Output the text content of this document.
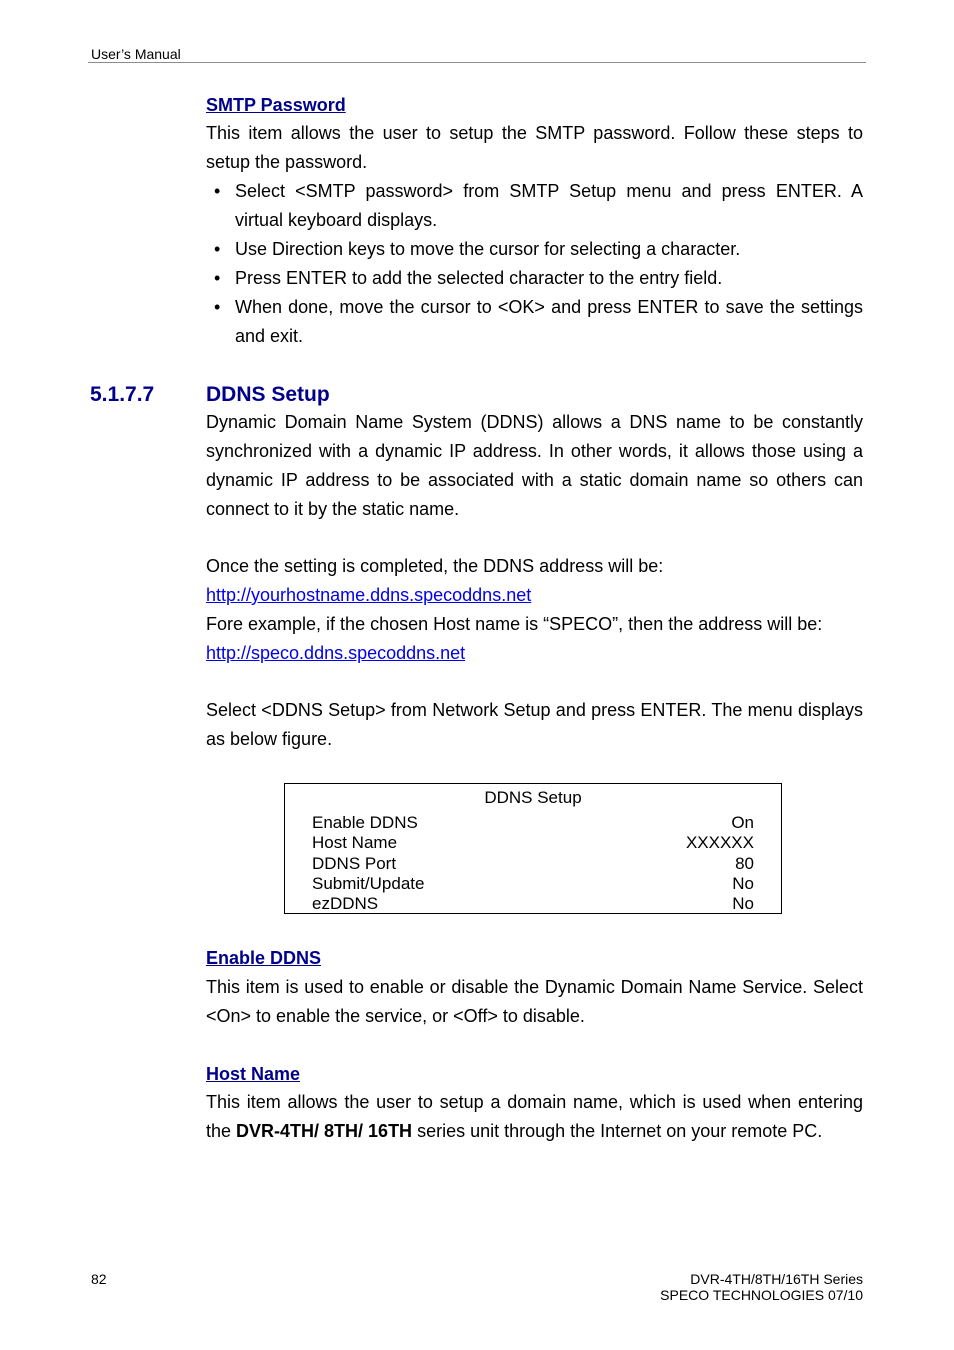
User’s Manual
SMTP Password
This item allows the user to setup the SMTP password. Follow these steps to setup the password.
• Select <SMTP password> from SMTP Setup menu and press ENTER. A virtual keyboard displays.
• Use Direction keys to move the cursor for selecting a character.
• Press ENTER to add the selected character to the entry field.
• When done, move the cursor to <OK> and press ENTER to save the settings and exit.
5.1.7.7 DDNS Setup
Dynamic Domain Name System (DDNS) allows a DNS name to be constantly synchronized with a dynamic IP address. In other words, it allows those using a dynamic IP address to be associated with a static domain name so others can connect to it by the static name.
Once the setting is completed, the DDNS address will be:
http://yourhostname.ddns.specoddns.net
Fore example, if the chosen Host name is “SPECO”, then the address will be:
http://speco.ddns.specoddns.net
Select <DDNS Setup> from Network Setup and press ENTER. The menu displays as below figure.
DDNS Setup
Enable DDNS	On
Host Name	XXXXXX
DDNS Port	80
Submit/Update	No
ezDDNS	No
Enable DDNS
This item is used to enable or disable the Dynamic Domain Name Service. Select <On> to enable the service, or <Off> to disable.
Host Name
This item allows the user to setup a domain name, which is used when entering the DVR-4TH/ 8TH/ 16TH series unit through the Internet on your remote PC.
82	DVR-4TH/8TH/16TH Series
SPECO TECHNOLOGIES 07/10
